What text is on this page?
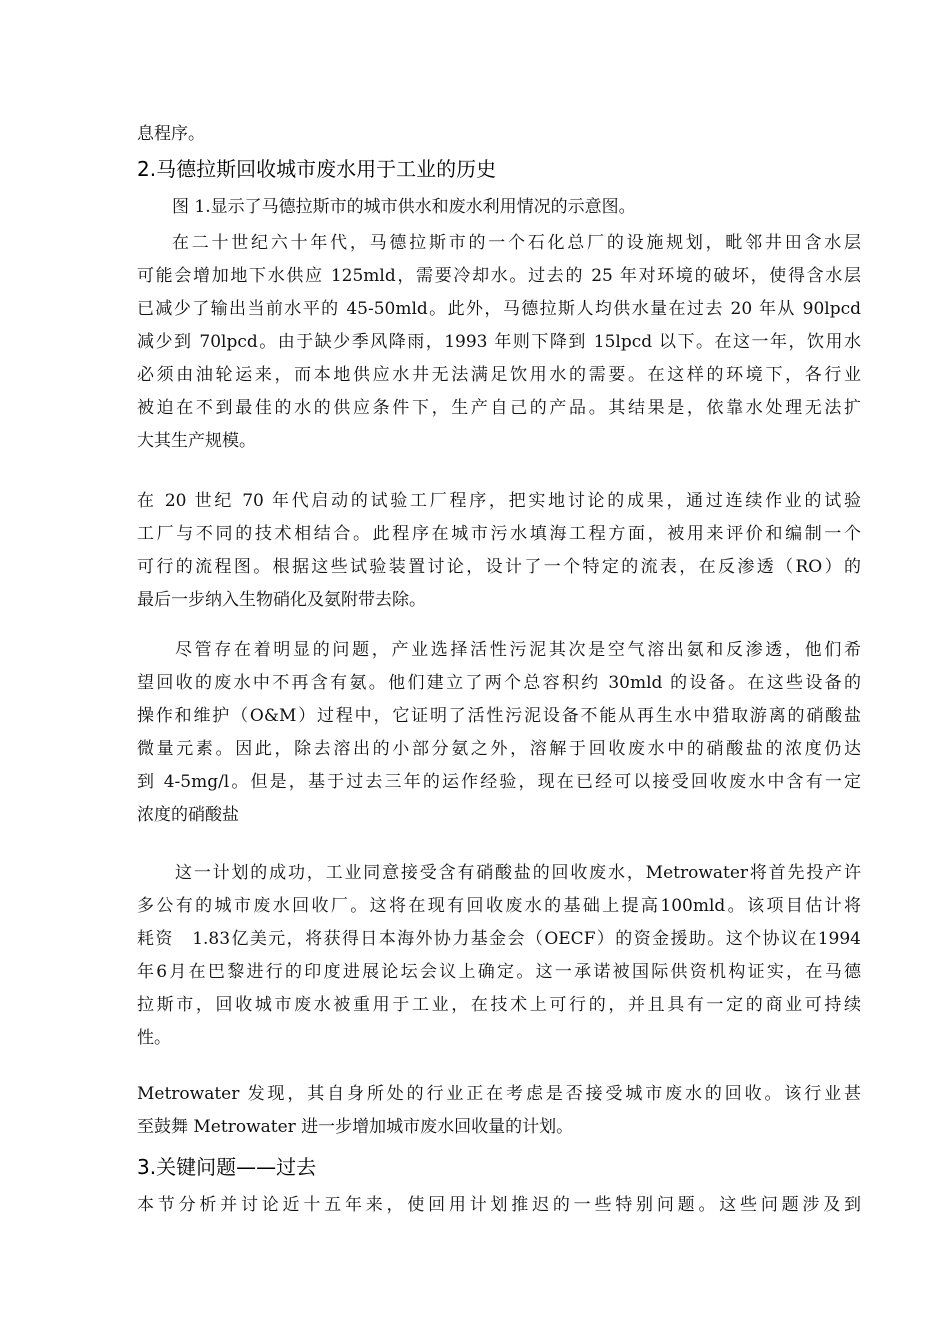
息程序。
2.马德拉斯回收城市废水用于工业的历史
图 1.显示了马德拉斯市的城市供水和废水利用情况的示意图。
在二十世纪六十年代，马德拉斯市的一个石化总厂的设施规划，毗邻井田含水层
可能会增加地下水供应 125mld，需要冷却水。过去的 25 年对环境的破坏，使得含水层
已减少了输出当前水平的 45-50mld。此外，马德拉斯人均供水量在过去 20 年从 90lpcd
减少到 70lpcd。由于缺少季风降雨，1993 年则下降到 15lpcd 以下。在这一年，饮用水
必须由油轮运来，而本地供应水井无法满足饮用水的需要。在这样的环境下，各行业
被迫在不到最佳的水的供应条件下，生产自己的产品。其结果是，依靠水处理无法扩
大其生产规模。
在 20 世纪 70 年代启动的试验工厂程序，把实地讨论的成果，通过连续作业的试验
工厂与不同的技术相结合。此程序在城市污水填海工程方面，被用来评价和编制一个
可行的流程图。根据这些试验装置讨论，设计了一个特定的流表，在反渗透（RO）的
最后一步纳入生物硝化及氨附带去除。
尽管存在着明显的问题，产业选择活性污泥其次是空气溶出氨和反渗透，他们希
望回收的废水中不再含有氨。他们建立了两个总容积约 30mld 的设备。在这些设备的
操作和维护（O&M）过程中，它证明了活性污泥设备不能从再生水中猎取游离的硝酸盐
微量元素。因此，除去溶出的小部分氨之外，溶解于回收废水中的硝酸盐的浓度仍达
到 4-5mg/l。但是，基于过去三年的运作经验，现在已经可以接受回收废水中含有一定
浓度的硝酸盐
这一计划的成功，工业同意接受含有硝酸盐的回收废水，Metrowater将首先投产许
多公有的城市废水回收厂。这将在现有回收废水的基础上提高100mld。该项目估计将
耗资　1.83亿美元，将获得日本海外协力基金会（OECF）的资金援助。这个协议在1994
年6月在巴黎进行的印度进展论坛会议上确定。这一承诺被国际供资机构证实，在马德
拉斯市，回收城市废水被重用于工业，在技术上可行的，并且具有一定的商业可持续
性。
Metrowater 发现，其自身所处的行业正在考虑是否接受城市废水的回收。该行业甚
至鼓舞 Metrowater 进一步增加城市废水回收量的计划。
3.关键问题——过去
本节分析并讨论近十五年来，使回用计划推迟的一些特别问题。这些问题涉及到
